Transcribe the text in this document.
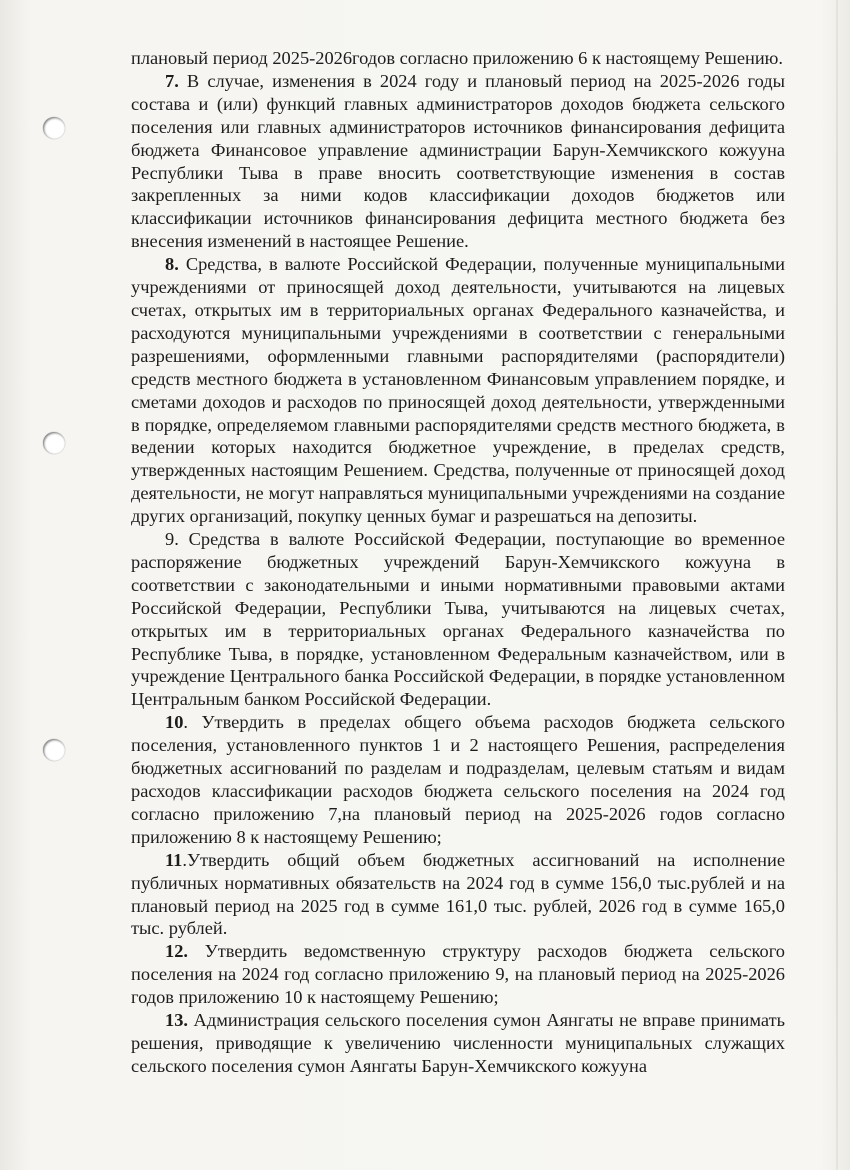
плановый период 2025-2026годов согласно приложению 6 к настоящему Решению.

7. В случае, изменения в 2024 году и плановый период на 2025-2026 годы состава и (или) функций главных администраторов доходов бюджета сельского поселения или главных администраторов источников финансирования дефицита бюджета Финансовое управление администрации Барун-Хемчикского кожууна Республики Тыва в праве вносить соответствующие изменения в состав закрепленных за ними кодов классификации доходов бюджетов или классификации источников финансирования дефицита местного бюджета без внесения изменений в настоящее Решение.

8. Средства, в валюте Российской Федерации, полученные муниципальными учреждениями от приносящей доход деятельности, учитываются на лицевых счетах, открытых им в территориальных органах Федерального казначейства, и расходуются муниципальными учреждениями в соответствии с генеральными разрешениями, оформленными главными распорядителями (распорядители) средств местного бюджета в установленном Финансовым управлением порядке, и сметами доходов и расходов по приносящей доход деятельности, утвержденными в порядке, определяемом главными распорядителями средств местного бюджета, в ведении которых находится бюджетное учреждение, в пределах средств, утвержденных настоящим Решением. Средства, полученные от приносящей доход деятельности, не могут направляться муниципальными учреждениями на создание других организаций, покупку ценных бумаг и разрешаться на депозиты.

9. Средства в валюте Российской Федерации, поступающие во временное распоряжение бюджетных учреждений Барун-Хемчикского кожууна в соответствии с законодательными и иными нормативными правовыми актами Российской Федерации, Республики Тыва, учитываются на лицевых счетах, открытых им в территориальных органах Федерального казначейства по Республике Тыва, в порядке, установленном Федеральным казначейством, или в учреждение Центрального банка Российской Федерации, в порядке установленном Центральным банком Российской Федерации.

10. Утвердить в пределах общего объема расходов бюджета сельского поселения, установленного пунктов 1 и 2 настоящего Решения, распределения бюджетных ассигнований по разделам и подразделам, целевым статьям и видам расходов классификации расходов бюджета сельского поселения на 2024 год согласно приложению 7,на плановый период на 2025-2026 годов согласно приложению 8 к настоящему Решению;

11.Утвердить общий объем бюджетных ассигнований на исполнение публичных нормативных обязательств на 2024 год в сумме 156,0 тыс.рублей и на плановый период на 2025 год в сумме 161,0 тыс. рублей, 2026 год в сумме 165,0 тыс. рублей.

12. Утвердить ведомственную структуру расходов бюджета сельского поселения на 2024 год согласно приложению 9, на плановый период на 2025-2026 годов приложению 10 к настоящему Решению;

13. Администрация сельского поселения сумон Аянгаты не вправе принимать решения, приводящие к увеличению численности муниципальных служащих сельского поселения сумон Аянгаты Барун-Хемчикского кожууна
